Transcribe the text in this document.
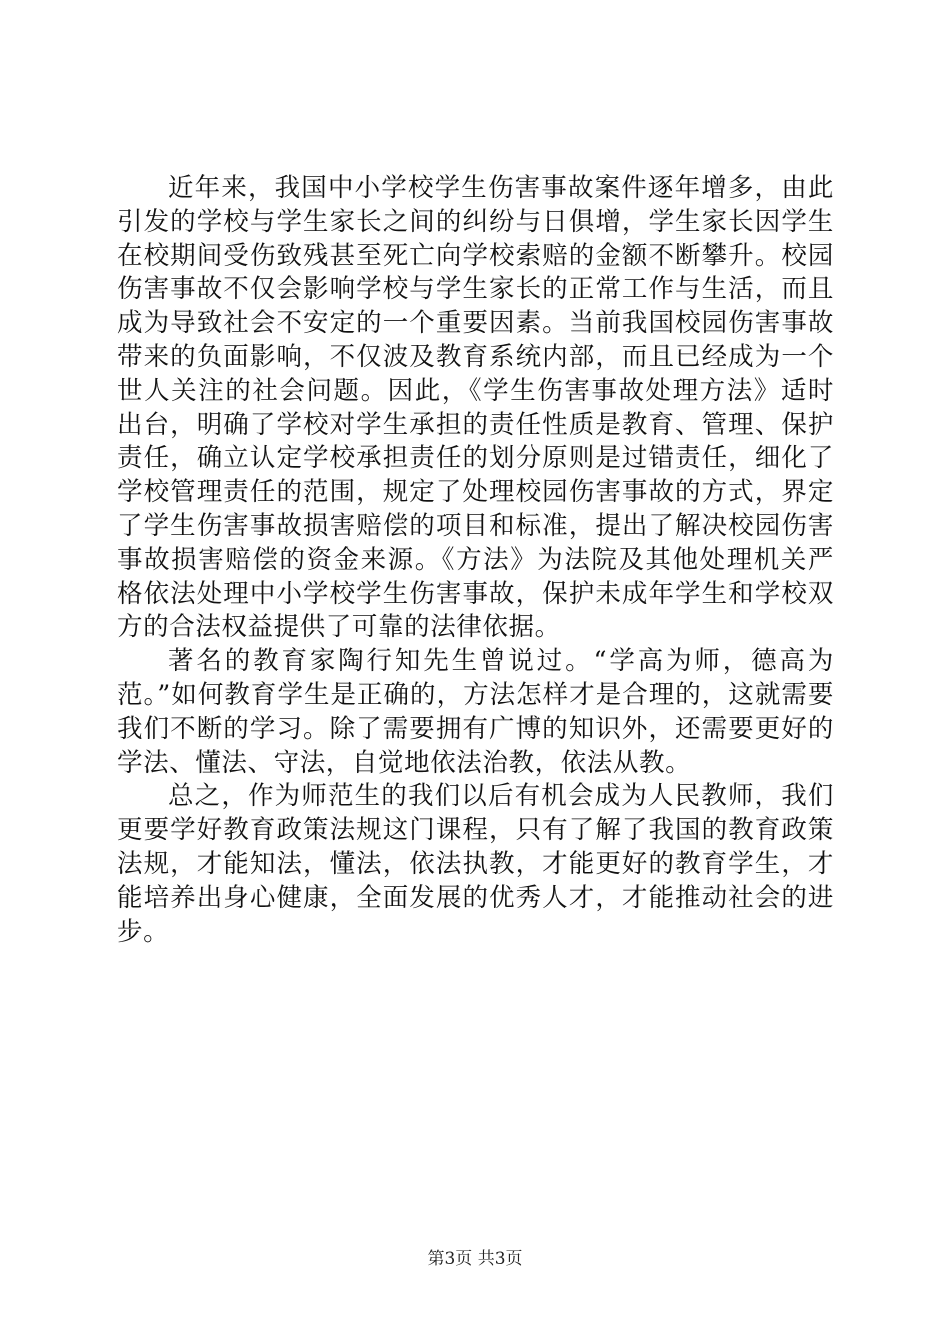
近年来，我国中小学校学生伤害事故案件逐年增多，由此引发的学校与学生家长之间的纠纷与日俱增，学生家长因学生在校期间受伤致残甚至死亡向学校索赔的金额不断攀升。校园伤害事故不仅会影响学校与学生家长的正常工作与生活，而且成为导致社会不安定的一个重要因素。当前我国校园伤害事故带来的负面影响，不仅波及教育系统内部，而且已经成为一个世人关注的社会问题。因此，《学生伤害事故处理方法》适时出台，明确了学校对学生承担的责任性质是教育、管理、保护责任，确立认定学校承担责任的划分原则是过错责任，细化了学校管理责任的范围，规定了处理校园伤害事故的方式，界定了学生伤害事故损害赔偿的项目和标准，提出了解决校园伤害事故损害赔偿的资金来源。《方法》为法院及其他处理机关严格依法处理中小学校学生伤害事故，保护未成年学生和学校双方的合法权益提供了可靠的法律依据。

著名的教育家陶行知先生曾说过。“学高为师，德高为范。”如何教育学生是正确的，方法怎样才是合理的，这就需要我们不断的学习。除了需要拥有广博的知识外，还需要更好的学法、懂法、守法，自觉地依法治教，依法从教。

总之，作为师范生的我们以后有机会成为人民教师，我们更要学好教育政策法规这门课程，只有了解了我国的教育政策法规，才能知法，懂法，依法执教，才能更好的教育学生，才能培养出身心健康，全面发展的优秀人才，才能推动社会的进步。

第3页 共3页
